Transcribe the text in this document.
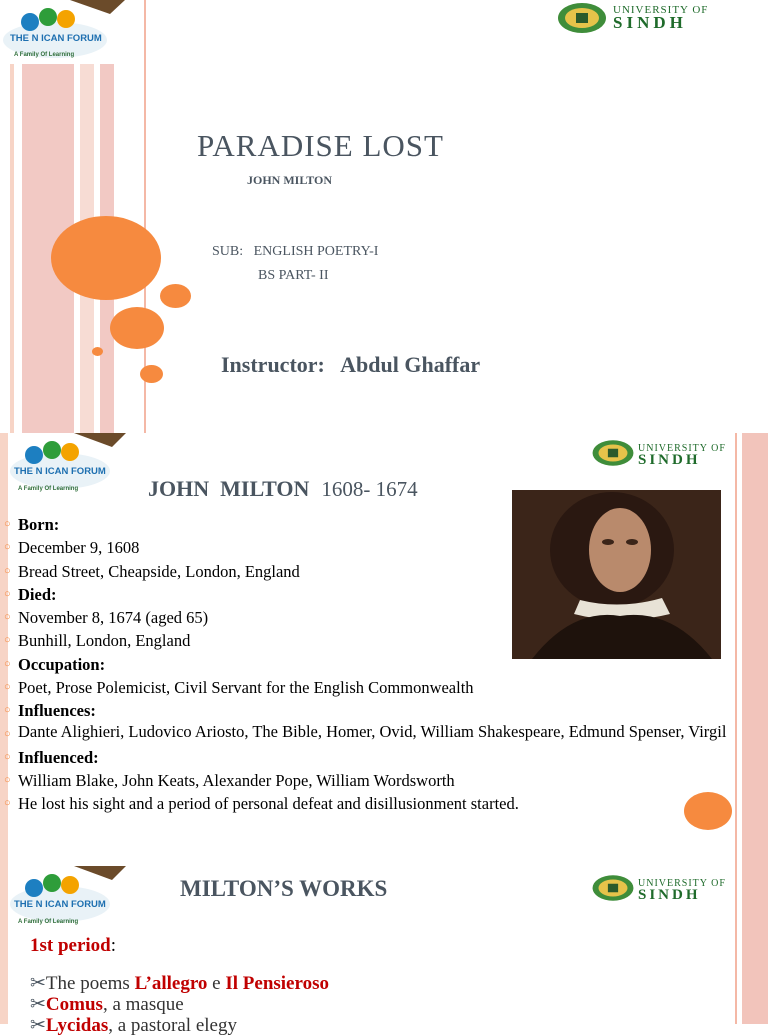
THE N ICAN FORUM
A Family Of Learning
UNIVERSITY OF
SINDH
PARADISE LOST
JOHN MILTON
SUB:   ENGLISH POETRY-I
BS PART- II
Instructor: Abdul Ghaffar
THE N ICAN FORUM
A Family Of Learning
UNIVERSITY OF
SINDH
JOHN  MILTON 1608- 1674
○ Born:
○ December 9, 1608
○ Bread Street, Cheapside, London, England
○ Died:
○ November 8, 1674 (aged 65)
○ Bunhill, London, England
○ Occupation:
○ Poet, Prose Polemicist, Civil Servant for the English Commonwealth
○ Influences:
○ Dante Alighieri, Ludovico Ariosto, The Bible, Homer, Ovid, William Shakespeare, Edmund Spenser, Virgil
○ Influenced:
○ William Blake, John Keats, Alexander Pope, William Wordsworth
○ He lost his sight and a period of personal defeat and disillusionment started.
THE N ICAN FORUM
A Family Of Learning
UNIVERSITY OF
SINDH
MILTON’S WORKS
1st period:
✂The poems L’allegro e Il Pensieroso
✂Comus, a masque
✂Lycidas, a pastoral elegy
